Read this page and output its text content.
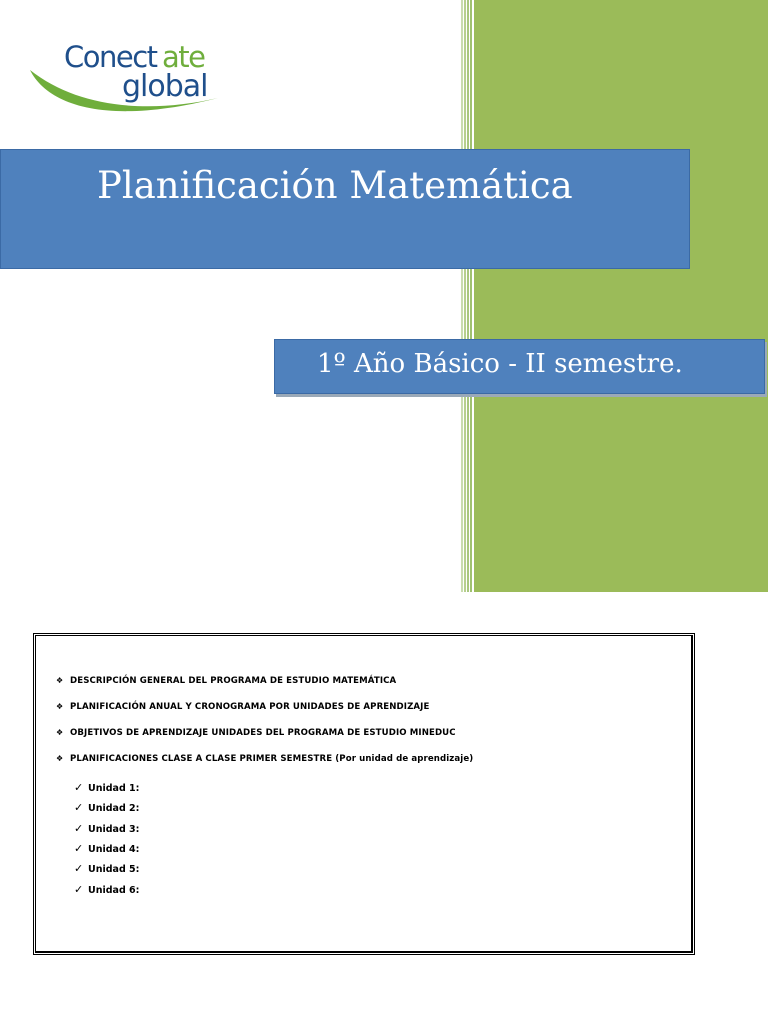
Conect ate
global
Planificación Matemática
1º Año Básico - II semestre.
❖ DESCRIPCIÓN GENERAL DEL PROGRAMA DE ESTUDIO MATEMÁTICA
❖ PLANIFICACIÓN ANUAL Y CRONOGRAMA POR UNIDADES DE APRENDIZAJE
❖ OBJETIVOS DE APRENDIZAJE UNIDADES DEL PROGRAMA DE ESTUDIO MINEDUC
❖ PLANIFICACIONES CLASE A CLASE PRIMER SEMESTRE (Por unidad de aprendizaje)
✓ Unidad 1:
✓ Unidad 2:
✓ Unidad 3:
✓ Unidad 4:
✓ Unidad 5:
✓ Unidad 6:
